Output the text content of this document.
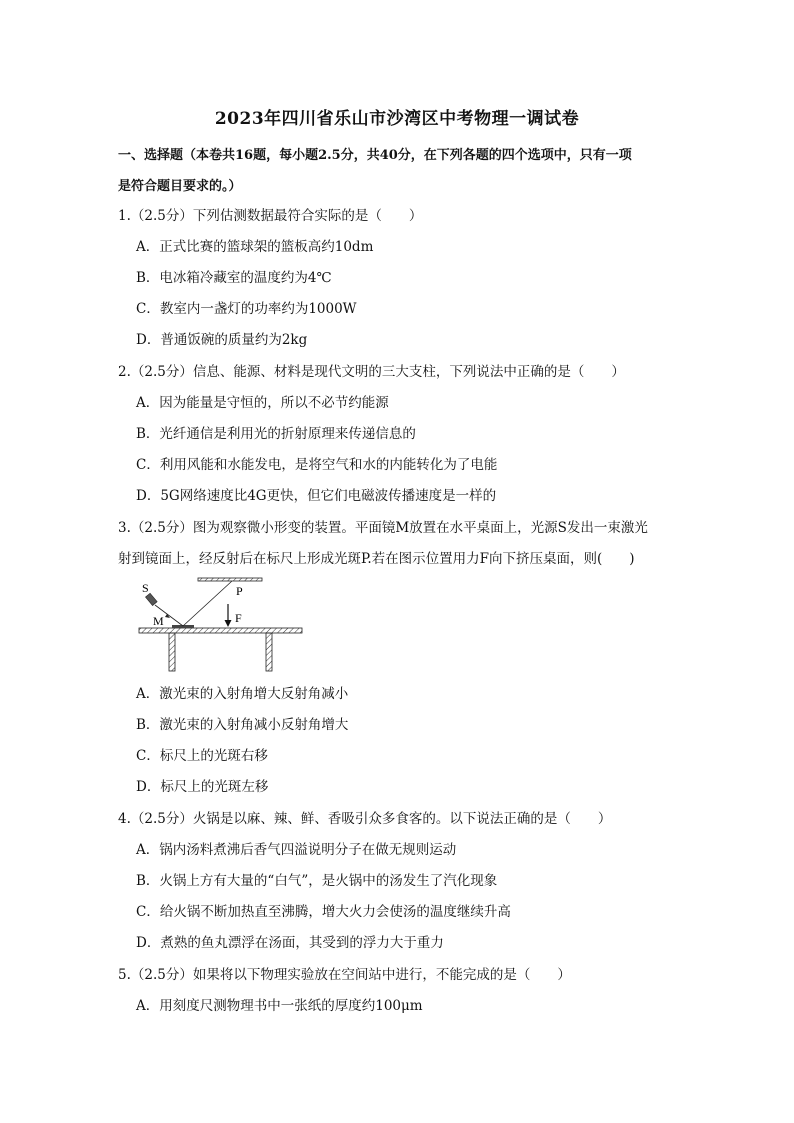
2023年四川省乐山市沙湾区中考物理一调试卷
一、选择题（本卷共16题，每小题2.5分，共40分，在下列各题的四个选项中，只有一项
是符合题目要求的。）
1.（2.5分）下列估测数据最符合实际的是（　　）
A．正式比赛的篮球架的篮板高约10dm
B．电冰箱冷藏室的温度约为4℃
C．教室内一盏灯的功率约为1000W
D．普通饭碗的质量约为2kg
2.（2.5分）信息、能源、材料是现代文明的三大支柱，下列说法中正确的是（　　）
A．因为能量是守恒的，所以不必节约能源
B．光纤通信是利用光的折射原理来传递信息的
C．利用风能和水能发电，是将空气和水的内能转化为了电能
D．5G网络速度比4G更快，但它们电磁波传播速度是一样的
3.（2.5分）图为观察微小形变的装置。平面镜M放置在水平桌面上，光源S发出一束激光
射到镜面上，经反射后在标尺上形成光斑P.若在图示位置用力F向下挤压桌面，则(　　)
S	P
M	F
A．激光束的入射角增大反射角减小
B．激光束的入射角减小反射角增大
C．标尺上的光斑右移
D．标尺上的光斑左移
4.（2.5分）火锅是以麻、辣、鲜、香吸引众多食客的。以下说法正确的是（　　）
A．锅内汤料煮沸后香气四溢说明分子在做无规则运动
B．火锅上方有大量的“白气”，是火锅中的汤发生了汽化现象
C．给火锅不断加热直至沸腾，增大火力会使汤的温度继续升高
D．煮熟的鱼丸漂浮在汤面，其受到的浮力大于重力
5.（2.5分）如果将以下物理实验放在空间站中进行，不能完成的是（　　）
A．用刻度尺测物理书中一张纸的厚度约100μm
